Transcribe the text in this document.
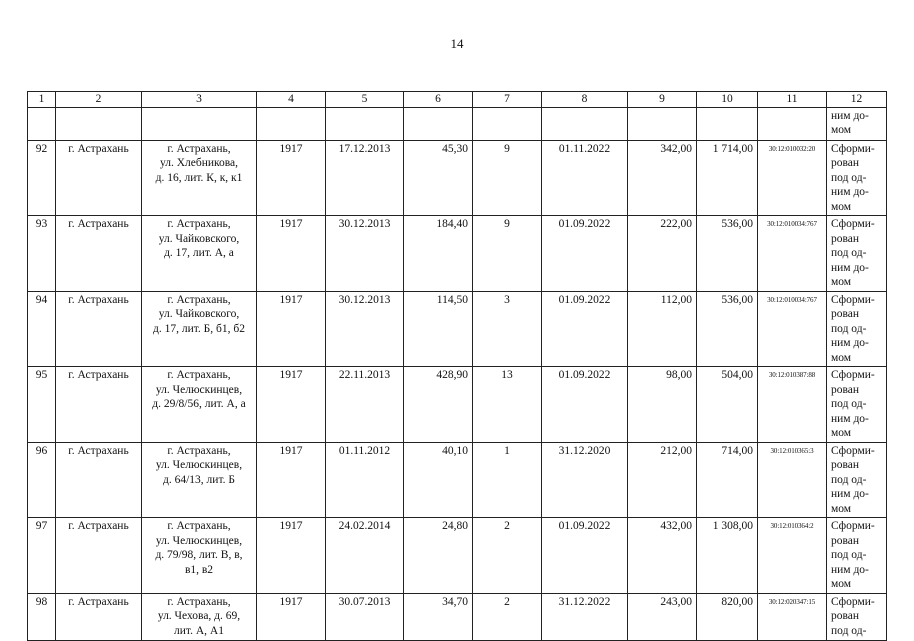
14
1	2	3	4	5	6	7	8	9	10	11	12
											ним до-
мом
92	г. Астрахань	г. Астрахань,
ул. Хлебникова,
д. 16, лит. К, к, к1	1917	17.12.2013	45,30	9	01.11.2022	342,00	1 714,00	30:12:010032:20	Сформи-
рован
под од-
ним до-
мом
93	г. Астрахань	г. Астрахань,
ул. Чайковского,
д. 17, лит. А, а	1917	30.12.2013	184,40	9	01.09.2022	222,00	536,00	30:12:010034:767	Сформи-
рован
под од-
ним до-
мом
94	г. Астрахань	г. Астрахань,
ул. Чайковского,
д. 17, лит. Б, б1, б2	1917	30.12.2013	114,50	3	01.09.2022	112,00	536,00	30:12:010034:767	Сформи-
рован
под од-
ним до-
мом
95	г. Астрахань	г. Астрахань,
ул. Челюскинцев,
д. 29/8/56, лит. А, а	1917	22.11.2013	428,90	13	01.09.2022	98,00	504,00	30:12:010387:88	Сформи-
рован
под од-
ним до-
мом
96	г. Астрахань	г. Астрахань,
ул. Челюскинцев,
д. 64/13, лит. Б	1917	01.11.2012	40,10	1	31.12.2020	212,00	714,00	30:12:010365:3	Сформи-
рован
под од-
ним до-
мом
97	г. Астрахань	г. Астрахань,
ул. Челюскинцев,
д. 79/98, лит. В, в,
в1, в2	1917	24.02.2014	24,80	2	01.09.2022	432,00	1 308,00	30:12:010364:2	Сформи-
рован
под од-
ним до-
мом
98	г. Астрахань	г. Астрахань,
ул. Чехова, д. 69,
лит. А, А1	1917	30.07.2013	34,70	2	31.12.2022	243,00	820,00	30:12:020347:15	Сформи-
рован
под од-
